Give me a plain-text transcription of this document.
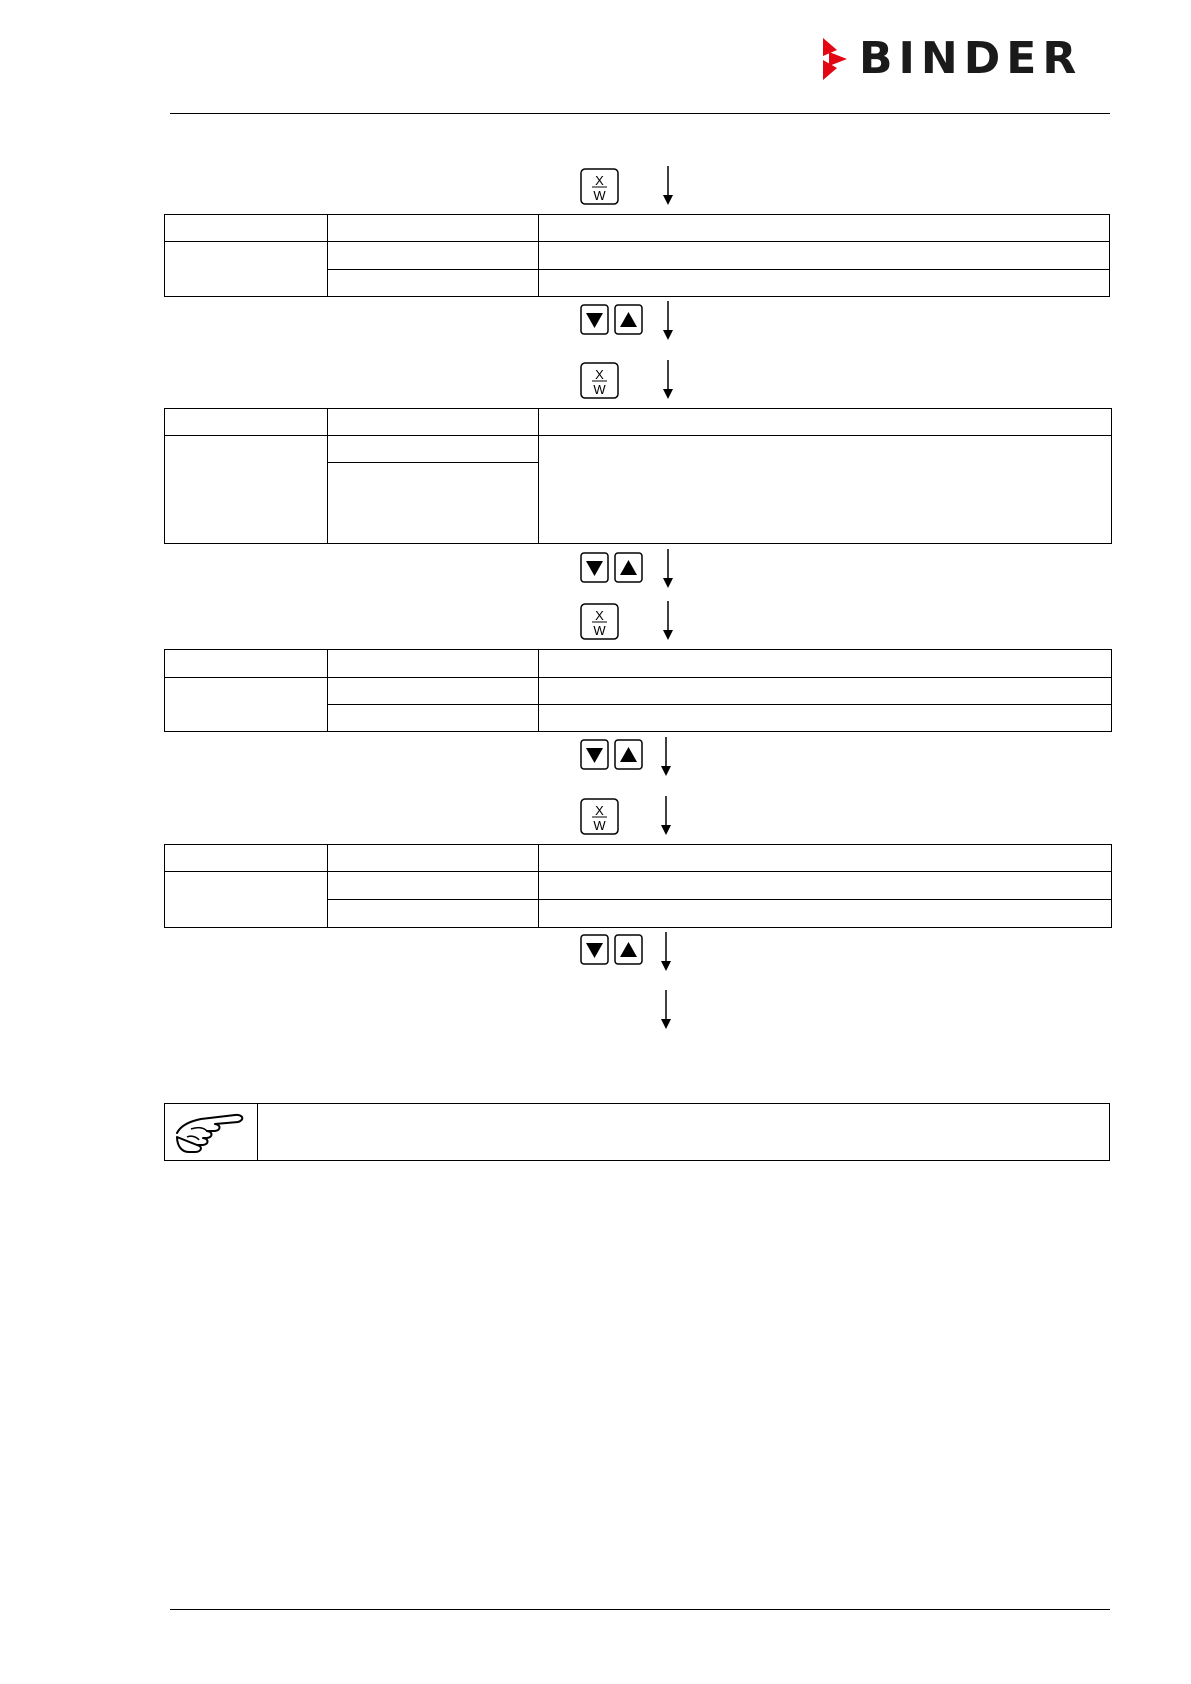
BINDER
X
W

X
W

X
W

X
W
